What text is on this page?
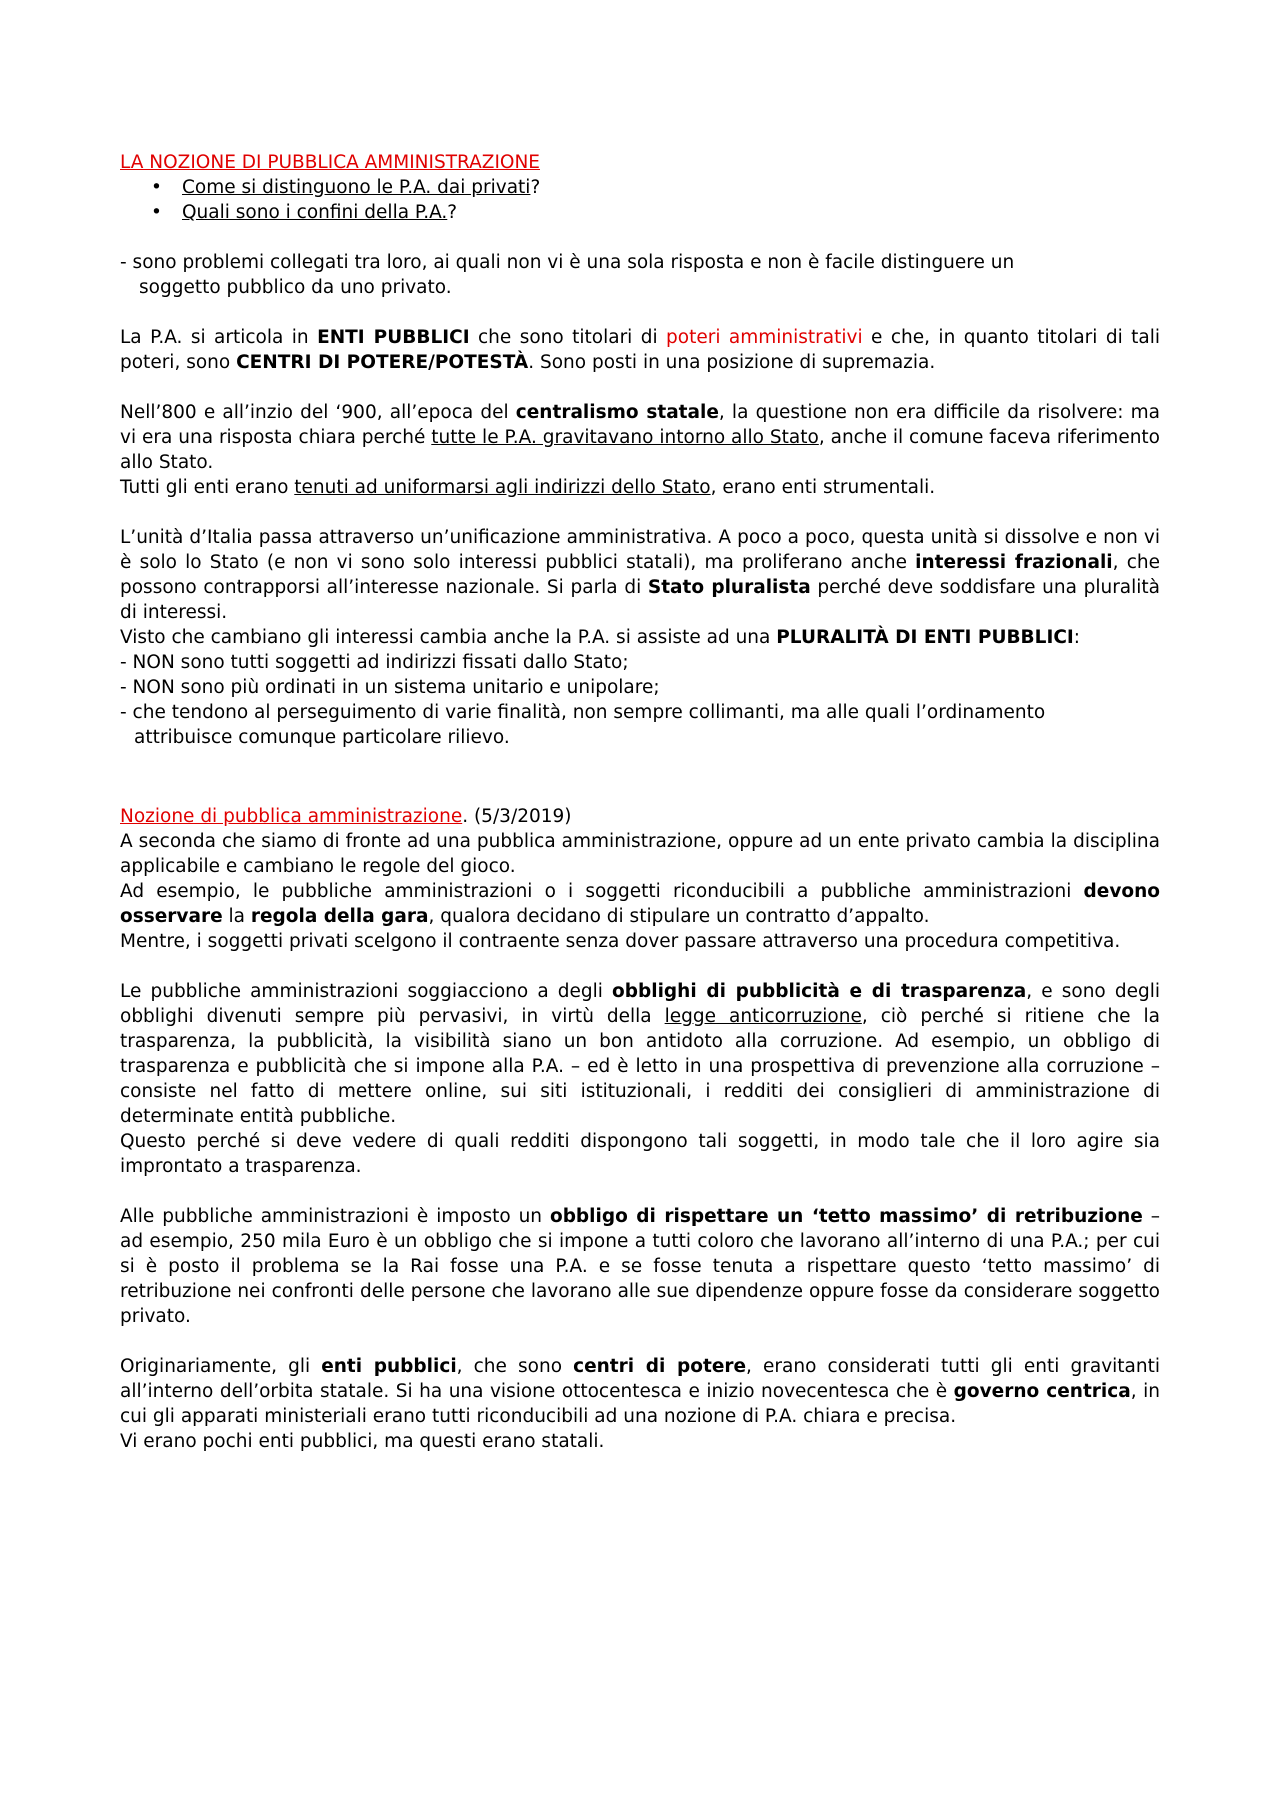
LA NOZIONE DI PUBBLICA AMMINISTRAZIONE

• Come si distinguono le P.A. dai privati?
• Quali sono i confini della P.A.?

- sono problemi collegati tra loro, ai quali non vi è una sola risposta e non è facile distinguere un

soggetto pubblico da uno privato.

La P.A. si articola in ENTI PUBBLICI che sono titolari di poteri amministrativi e che, in quanto titolari di tali poteri, sono CENTRI DI POTERE/POTESTÀ. Sono posti in una posizione di supremazia.

Nell’800 e all’inzio del ‘900, all’epoca del centralismo statale, la questione non era difficile da risolvere: ma vi era una risposta chiara perché tutte le P.A. gravitavano intorno allo Stato, anche il comune faceva riferimento allo Stato.

Tutti gli enti erano tenuti ad uniformarsi agli indirizzi dello Stato, erano enti strumentali.

L’unità d’Italia passa attraverso un’unificazione amministrativa. A poco a poco, questa unità si dissolve e non vi è solo lo Stato (e non vi sono solo interessi pubblici statali), ma proliferano anche interessi frazionali, che possono contrapporsi all’interesse nazionale. Si parla di Stato pluralista perché deve soddisfare una pluralità di interessi.

Visto che cambiano gli interessi cambia anche la P.A. si assiste ad una PLURALITÀ DI ENTI PUBBLICI:

- NON sono tutti soggetti ad indirizzi fissati dallo Stato;

- NON sono più ordinati in un sistema unitario e unipolare;

- che tendono al perseguimento di varie finalità, non sempre collimanti, ma alle quali l’ordinamento

attribuisce comunque particolare rilievo.

Nozione di pubblica amministrazione. (5/3/2019)

A seconda che siamo di fronte ad una pubblica amministrazione, oppure ad un ente privato cambia la disciplina applicabile e cambiano le regole del gioco.

Ad esempio, le pubbliche amministrazioni o i soggetti riconducibili a pubbliche amministrazioni devono osservare la regola della gara, qualora decidano di stipulare un contratto d’appalto.

Mentre, i soggetti privati scelgono il contraente senza dover passare attraverso una procedura competitiva.

Le pubbliche amministrazioni soggiacciono a degli obblighi di pubblicità e di trasparenza, e sono degli obblighi divenuti sempre più pervasivi, in virtù della legge anticorruzione, ciò perché si ritiene che la trasparenza, la pubblicità, la visibilità siano un bon antidoto alla corruzione. Ad esempio, un obbligo di trasparenza e pubblicità che si impone alla P.A. – ed è letto in una prospettiva di prevenzione alla corruzione – consiste nel fatto di mettere online, sui siti istituzionali, i redditi dei consiglieri di amministrazione di determinate entità pubbliche.

Questo perché si deve vedere di quali redditi dispongono tali soggetti, in modo tale che il loro agire sia improntato a trasparenza.

Alle pubbliche amministrazioni è imposto un obbligo di rispettare un ‘tetto massimo’ di retribuzione – ad esempio, 250 mila Euro è un obbligo che si impone a tutti coloro che lavorano all’interno di una P.A.; per cui si è posto il problema se la Rai fosse una P.A. e se fosse tenuta a rispettare questo ‘tetto massimo’ di retribuzione nei confronti delle persone che lavorano alle sue dipendenze oppure fosse da considerare soggetto privato.

Originariamente, gli enti pubblici, che sono centri di potere, erano considerati tutti gli enti gravitanti all’interno dell’orbita statale. Si ha una visione ottocentesca e inizio novecentesca che è governo centrica, in cui gli apparati ministeriali erano tutti riconducibili ad una nozione di P.A. chiara e precisa.

Vi erano pochi enti pubblici, ma questi erano statali.
